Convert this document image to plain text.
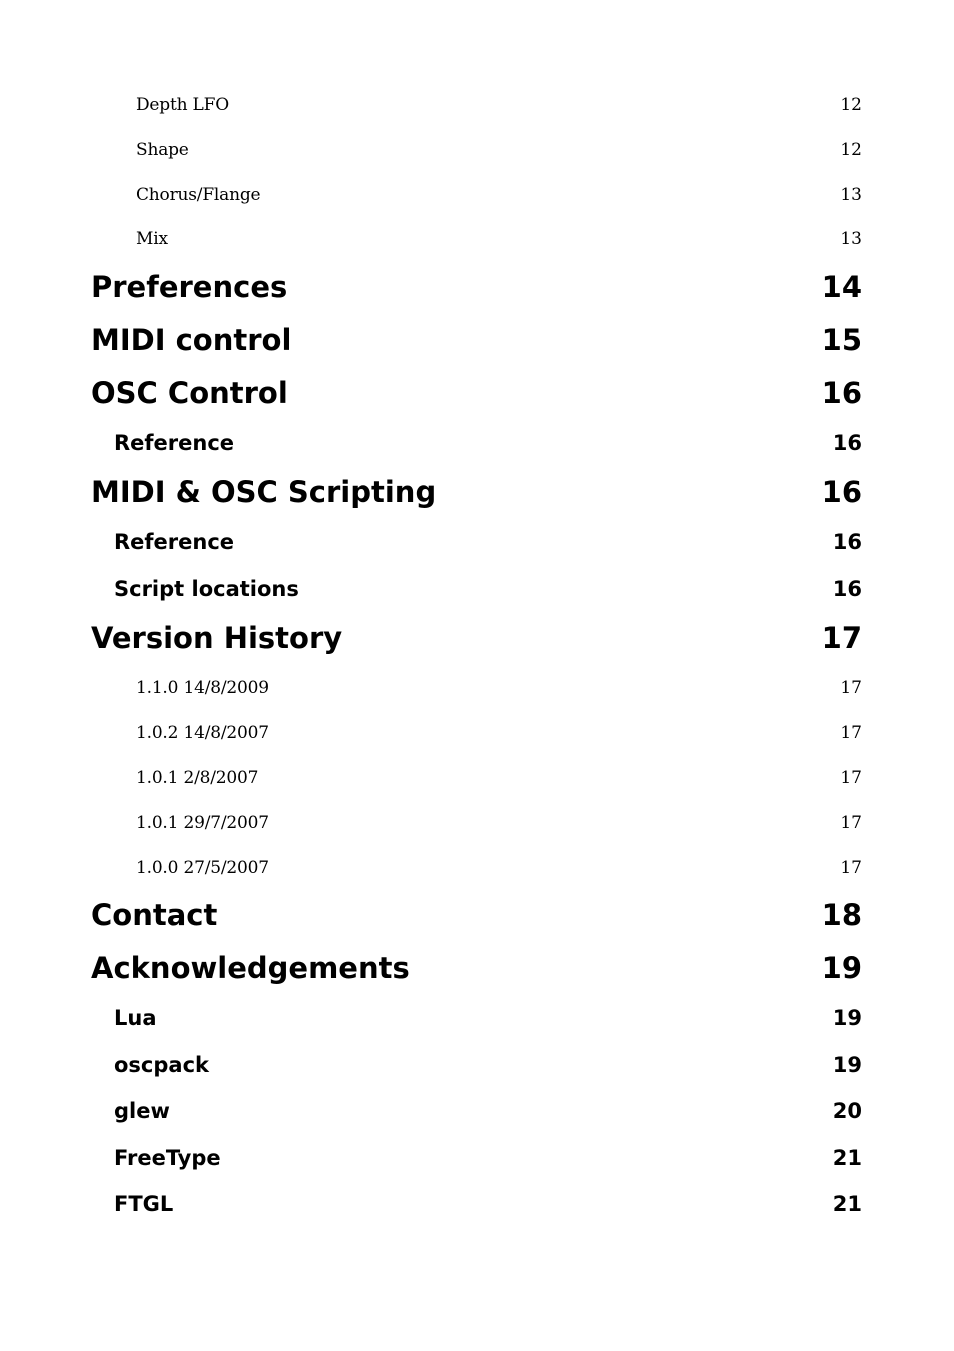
Depth LFO	12
Shape	12
Chorus/Flange	13
Mix	13
Preferences	14
MIDI control	15
OSC Control	16
Reference	16
MIDI & OSC Scripting	16
Reference	16
Script locations	16
Version History	17
1.1.0 14/8/2009	17
1.0.2 14/8/2007	17
1.0.1 2/8/2007	17
1.0.1 29/7/2007	17
1.0.0 27/5/2007	17
Contact	18
Acknowledgements	19
Lua	19
oscpack	19
glew	20
FreeType	21
FTGL	21
